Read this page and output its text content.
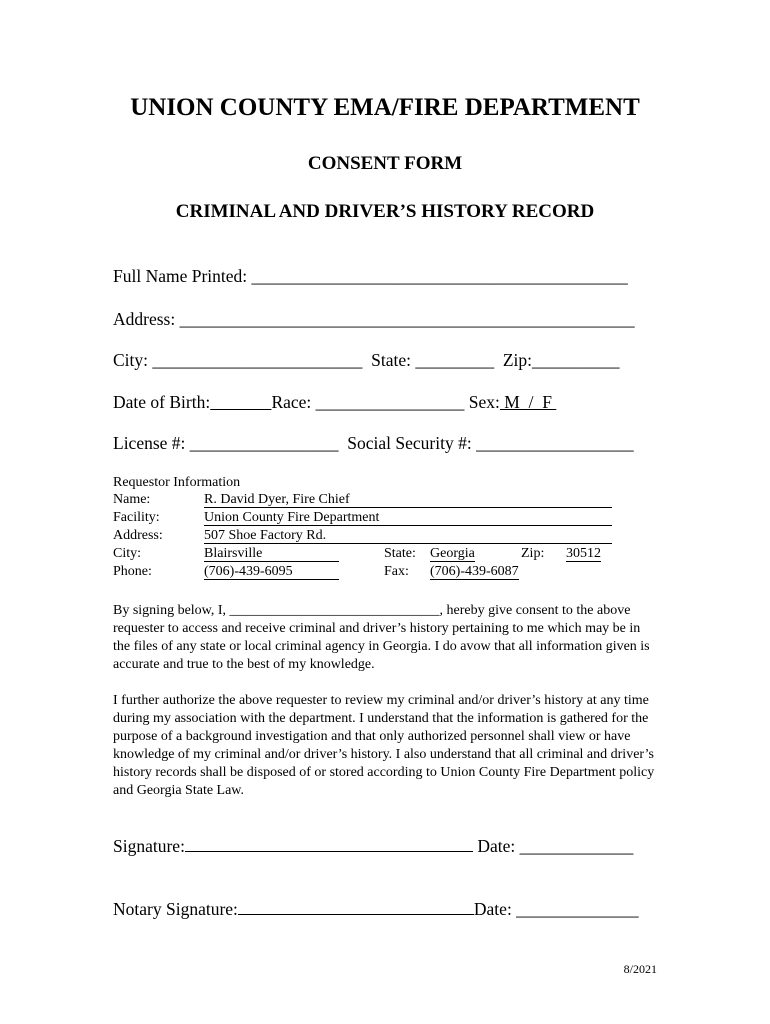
UNION COUNTY EMA/FIRE DEPARTMENT
CONSENT FORM
CRIMINAL AND DRIVER’S HISTORY RECORD
Full Name Printed: ___________________________________________
Address: ____________________________________________________
City: ________________________  State: _________  Zip:__________
Date of Birth:	Race: _________________ Sex: M  /  F
License #: _________________  Social Security #: __________________
Requestor Information
Name:	R. David Dyer, Fire Chief
Facility:	Union County Fire Department
Address:	507 Shoe Factory Rd.
City:	Blairsville	State: Georgia	Zip: 30512
Phone:	(706)-439-6095	Fax: (706)-439-6087
By signing below, I, ______________________________, hereby give consent to the above requester to access and receive criminal and driver’s history pertaining to me which may be in the files of any state or local criminal agency in Georgia. I do avow that all information given is accurate and true to the best of my knowledge.
I further authorize the above requester to review my criminal and/or driver’s history at any time during my association with the department. I understand that the information is gathered for the purpose of a background investigation and that only authorized personnel shall view or have knowledge of my criminal and/or driver’s history. I also understand that all criminal and driver’s history records shall be disposed of or stored according to Union County Fire Department policy and Georgia State Law.
Signature:	Date: _____________
Notary Signature:	Date: ______________
8/2021
